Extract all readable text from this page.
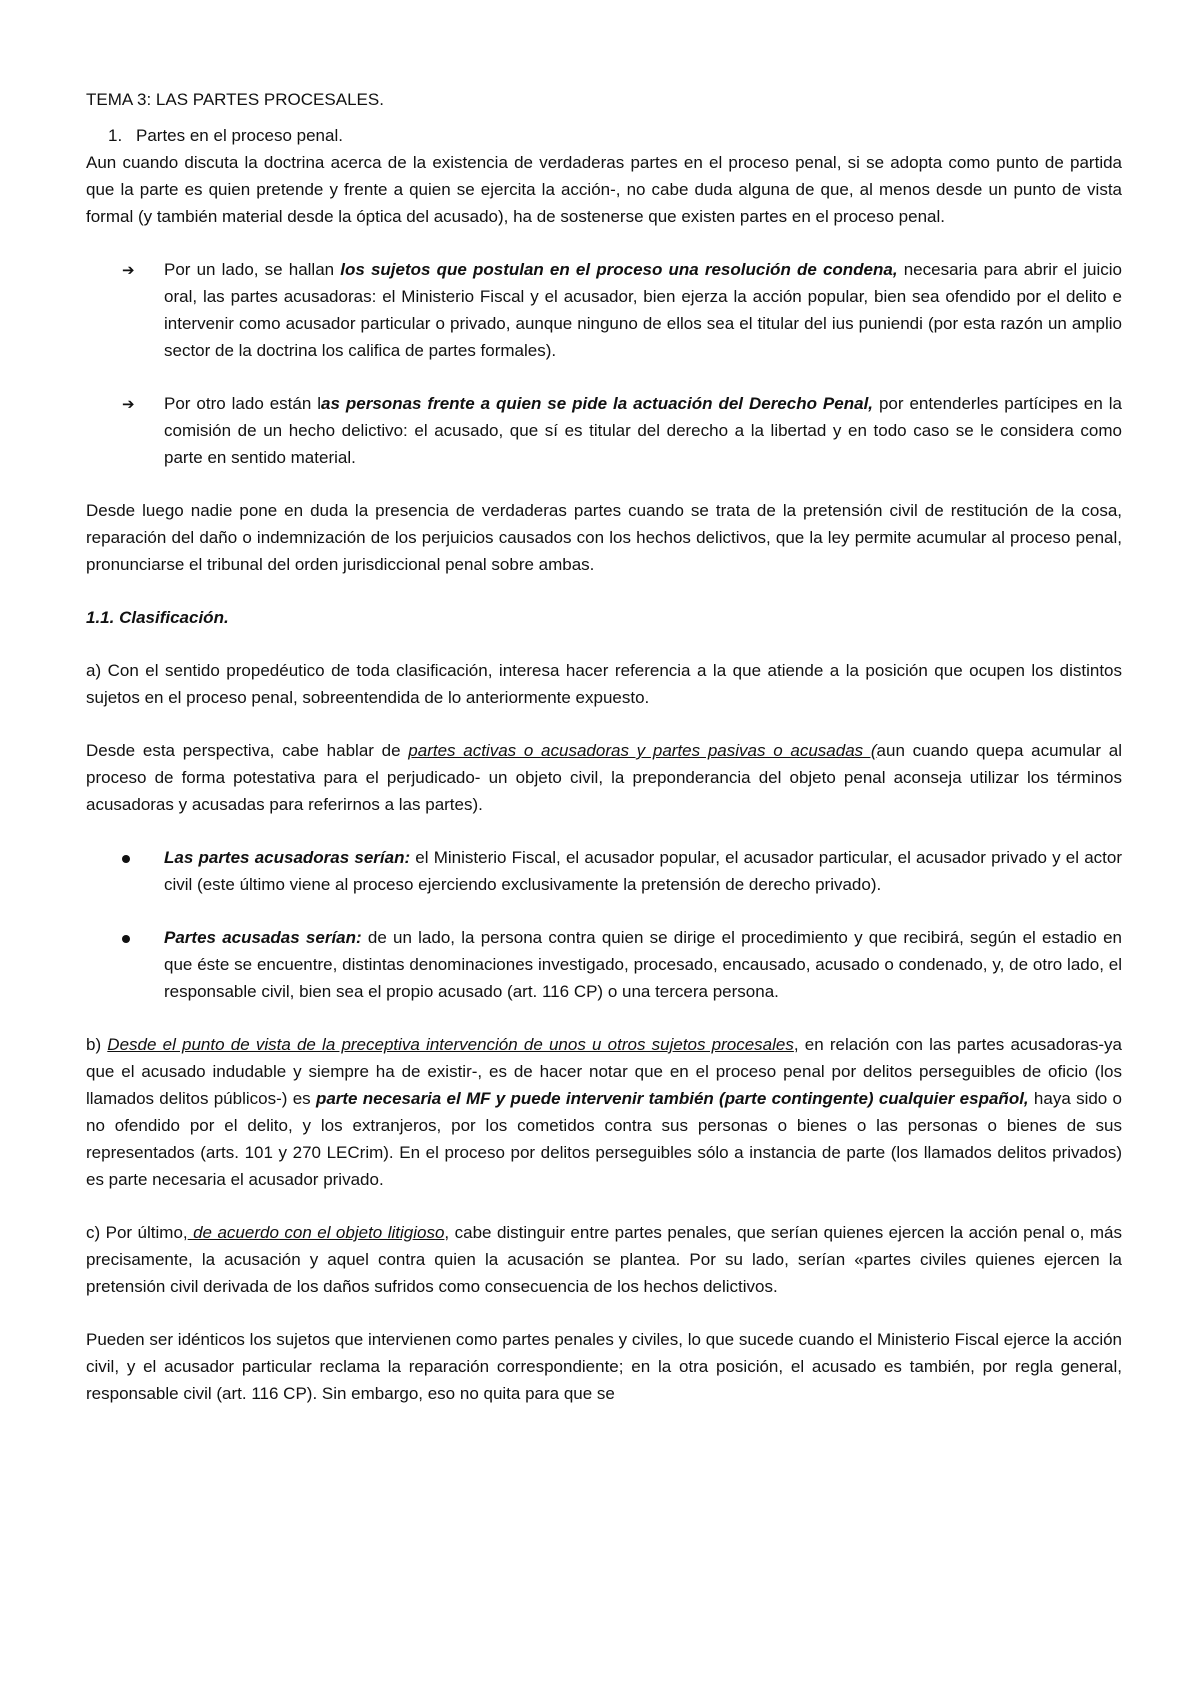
TEMA 3: LAS PARTES PROCESALES.

1. Partes en el proceso penal.

Aun cuando discuta la doctrina acerca de la existencia de verdaderas partes en el proceso penal, si se adopta como punto de partida que la parte es quien pretende y frente a quien se ejercita la acción-, no cabe duda alguna de que, al menos desde un punto de vista formal (y también material desde la óptica del acusado), ha de sostenerse que existen partes en el proceso penal.

➔	Por un lado, se hallan los sujetos que postulan en el proceso una resolución de condena, necesaria para abrir el juicio oral, las partes acusadoras: el Ministerio Fiscal y el acusador, bien ejerza la acción popular, bien sea ofendido por el delito e intervenir como acusador particular o privado, aunque ninguno de ellos sea el titular del ius puniendi (por esta razón un amplio sector de la doctrina los califica de partes formales).

➔	Por otro lado están las personas frente a quien se pide la actuación del Derecho Penal, por entenderles partícipes en la comisión de un hecho delictivo: el acusado, que sí es titular del derecho a la libertad y en todo caso se le considera como parte en sentido material.

Desde luego nadie pone en duda la presencia de verdaderas partes cuando se trata de la pretensión civil de restitución de la cosa, reparación del daño o indemnización de los perjuicios causados con los hechos delictivos, que la ley permite acumular al proceso penal, pronunciarse el tribunal del orden jurisdiccional penal sobre ambas.

1.1. Clasificación.

a) Con el sentido propedéutico de toda clasificación, interesa hacer referencia a la que atiende a la posición que ocupen los distintos sujetos en el proceso penal, sobreentendida de lo anteriormente expuesto.

Desde esta perspectiva, cabe hablar de partes activas o acusadoras y partes pasivas o acusadas (aun cuando quepa acumular al proceso de forma potestativa para el perjudicado- un objeto civil, la preponderancia del objeto penal aconseja utilizar los términos acusadoras y acusadas para referirnos a las partes).

Las partes acusadoras serían: el Ministerio Fiscal, el acusador popular, el acusador particular, el acusador privado y el actor civil (este último viene al proceso ejerciendo exclusivamente la pretensión de derecho privado).

Partes acusadas serían: de un lado, la persona contra quien se dirige el procedimiento y que recibirá, según el estadio en que éste se encuentre, distintas denominaciones investigado, procesado, encausado, acusado o condenado, y, de otro lado, el responsable civil, bien sea el propio acusado (art. 116 CP) o una tercera persona.

b) Desde el punto de vista de la preceptiva intervención de unos u otros sujetos procesales, en relación con las partes acusadoras-ya que el acusado indudable y siempre ha de existir-, es de hacer notar que en el proceso penal por delitos perseguibles de oficio (los llamados delitos públicos-) es parte necesaria el MF y puede intervenir también (parte contingente) cualquier español, haya sido o no ofendido por el delito, y los extranjeros, por los cometidos contra sus personas o bienes o las personas o bienes de sus representados (arts. 101 y 270 LECrim). En el proceso por delitos perseguibles sólo a instancia de parte (los llamados delitos privados) es parte necesaria el acusador privado.

c) Por último, de acuerdo con el objeto litigioso, cabe distinguir entre partes penales, que serían quienes ejercen la acción penal o, más precisamente, la acusación y aquel contra quien la acusación se plantea. Por su lado, serían «partes civiles quienes ejercen la pretensión civil derivada de los daños sufridos como consecuencia de los hechos delictivos.

Pueden ser idénticos los sujetos que intervienen como partes penales y civiles, lo que sucede cuando el Ministerio Fiscal ejerce la acción civil, y el acusador particular reclama la reparación correspondiente; en la otra posición, el acusado es también, por regla general, responsable civil (art. 116 CP). Sin embargo, eso no quita para que se
